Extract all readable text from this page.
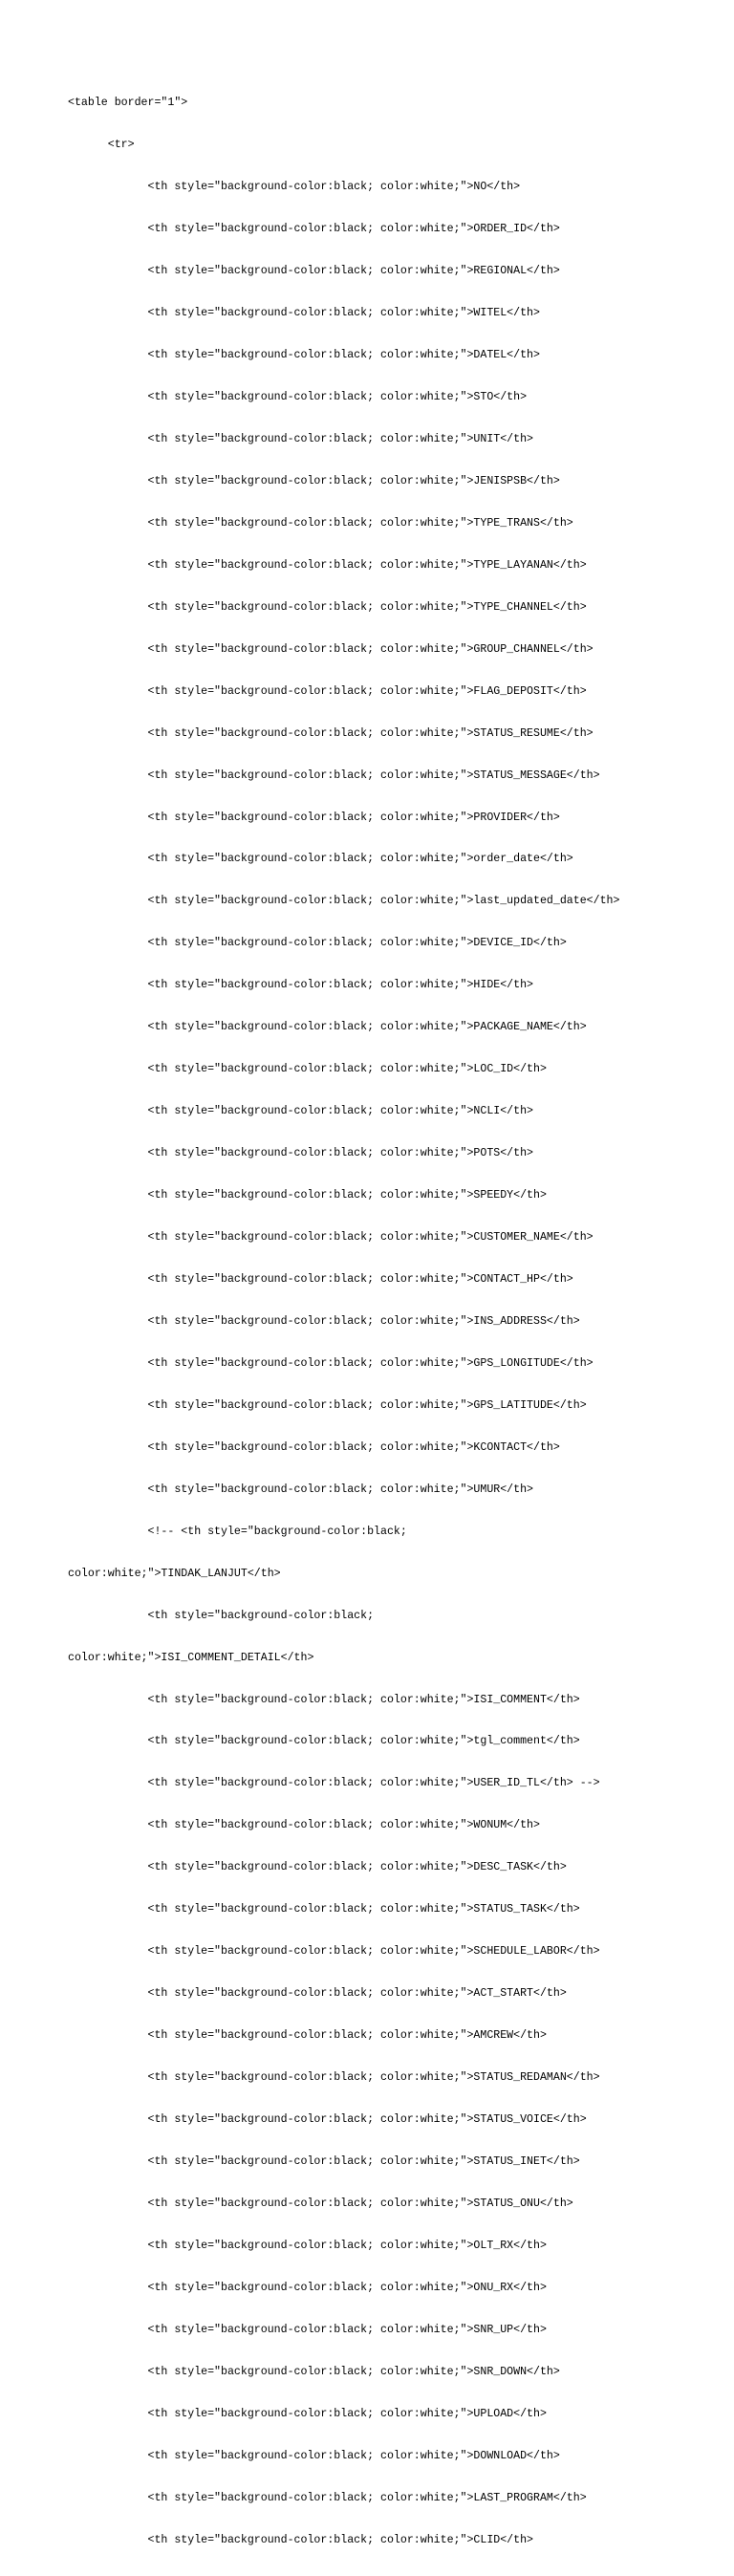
<table border="1">

<tr>

<th style="background-color:black; color:white;">NO</th>

<th style="background-color:black; color:white;">ORDER_ID</th>

<th style="background-color:black; color:white;">REGIONAL</th>

<th style="background-color:black; color:white;">WITEL</th>

<th style="background-color:black; color:white;">DATEL</th>

<th style="background-color:black; color:white;">STO</th>

<th style="background-color:black; color:white;">UNIT</th>

<th style="background-color:black; color:white;">JENISPSB</th>

<th style="background-color:black; color:white;">TYPE_TRANS</th>

<th style="background-color:black; color:white;">TYPE_LAYANAN</th>

<th style="background-color:black; color:white;">TYPE_CHANNEL</th>

<th style="background-color:black; color:white;">GROUP_CHANNEL</th>

<th style="background-color:black; color:white;">FLAG_DEPOSIT</th>

<th style="background-color:black; color:white;">STATUS_RESUME</th>

<th style="background-color:black; color:white;">STATUS_MESSAGE</th>

<th style="background-color:black; color:white;">PROVIDER</th>

<th style="background-color:black; color:white;">order_date</th>

<th style="background-color:black; color:white;">last_updated_date</th>

<th style="background-color:black; color:white;">DEVICE_ID</th>

<th style="background-color:black; color:white;">HIDE</th>

<th style="background-color:black; color:white;">PACKAGE_NAME</th>

<th style="background-color:black; color:white;">LOC_ID</th>

<th style="background-color:black; color:white;">NCLI</th>

<th style="background-color:black; color:white;">POTS</th>

<th style="background-color:black; color:white;">SPEEDY</th>

<th style="background-color:black; color:white;">CUSTOMER_NAME</th>

<th style="background-color:black; color:white;">CONTACT_HP</th>

<th style="background-color:black; color:white;">INS_ADDRESS</th>

<th style="background-color:black; color:white;">GPS_LONGITUDE</th>

<th style="background-color:black; color:white;">GPS_LATITUDE</th>

<th style="background-color:black; color:white;">KCONTACT</th>

<th style="background-color:black; color:white;">UMUR</th>

<!-- <th style="background-color:black;

color:white;">TINDAK_LANJUT</th>

<th style="background-color:black;

color:white;">ISI_COMMENT_DETAIL</th>

<th style="background-color:black; color:white;">ISI_COMMENT</th>

<th style="background-color:black; color:white;">tgl_comment</th>

<th style="background-color:black; color:white;">USER_ID_TL</th> -->

<th style="background-color:black; color:white;">WONUM</th>

<th style="background-color:black; color:white;">DESC_TASK</th>

<th style="background-color:black; color:white;">STATUS_TASK</th>

<th style="background-color:black; color:white;">SCHEDULE_LABOR</th>

<th style="background-color:black; color:white;">ACT_START</th>

<th style="background-color:black; color:white;">AMCREW</th>

<th style="background-color:black; color:white;">STATUS_REDAMAN</th>

<th style="background-color:black; color:white;">STATUS_VOICE</th>

<th style="background-color:black; color:white;">STATUS_INET</th>

<th style="background-color:black; color:white;">STATUS_ONU</th>

<th style="background-color:black; color:white;">OLT_RX</th>

<th style="background-color:black; color:white;">ONU_RX</th>

<th style="background-color:black; color:white;">SNR_UP</th>

<th style="background-color:black; color:white;">SNR_DOWN</th>

<th style="background-color:black; color:white;">UPLOAD</th>

<th style="background-color:black; color:white;">DOWNLOAD</th>

<th style="background-color:black; color:white;">LAST_PROGRAM</th>

<th style="background-color:black; color:white;">CLID</th>
